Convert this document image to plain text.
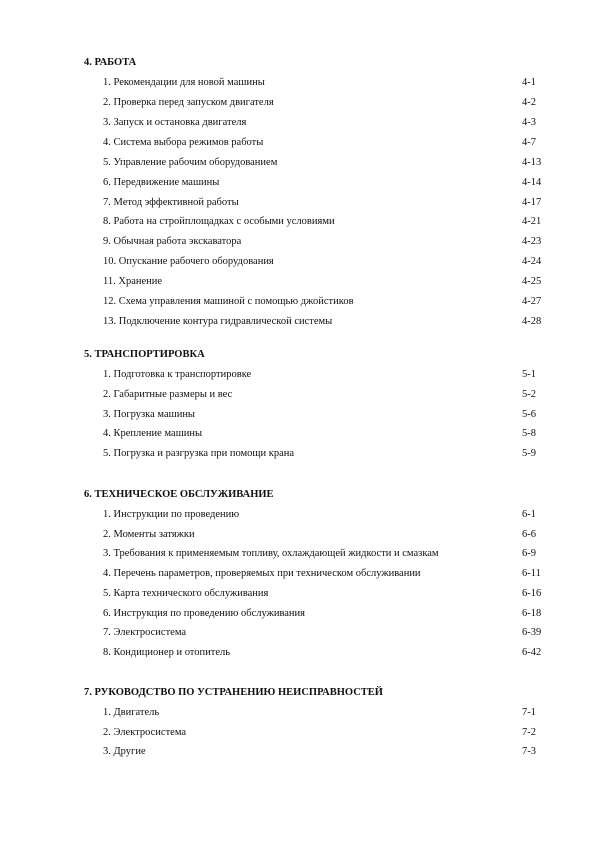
4. РАБОТА
1. Рекомендации для новой машины	4-1
2. Проверка перед запуском двигателя	4-2
3. Запуск и остановка двигателя	4-3
4. Система выбора режимов работы	4-7
5. Управление рабочим оборудованием	4-13
6. Передвижение машины	4-14
7. Метод эффективной работы	4-17
8. Работа на стройплощадках с особыми условиями	4-21
9. Обычная работа экскаватора	4-23
10. Опускание рабочего оборудования	4-24
11. Хранение	4-25
12. Схема управления машиной с помощью джойстиков	4-27
13. Подключение контура гидравлической системы	4-28
5. ТРАНСПОРТИРОВКА
1. Подготовка к транспортировке	5-1
2. Габаритные размеры и вес	5-2
3. Погрузка машины	5-6
4. Крепление машины	5-8
5. Погрузка и разгрузка при помощи крана	5-9
6. ТЕХНИЧЕСКОЕ ОБСЛУЖИВАНИЕ
1. Инструкции по проведению	6-1
2. Моменты затяжки	6-6
3. Требования к применяемым топливу, охлаждающей жидкости и смазкам	6-9
4. Перечень параметров, проверяемых при техническом обслуживании	6-11
5. Карта технического обслуживания	6-16
6. Инструкция по проведению обслуживания	6-18
7. Электросистема	6-39
8. Кондиционер и отопитель	6-42
7. РУКОВОДСТВО ПО УСТРАНЕНИЮ НЕИСПРАВНОСТЕЙ
1. Двигатель	7-1
2. Электросистема	7-2
3. Другие	7-3
